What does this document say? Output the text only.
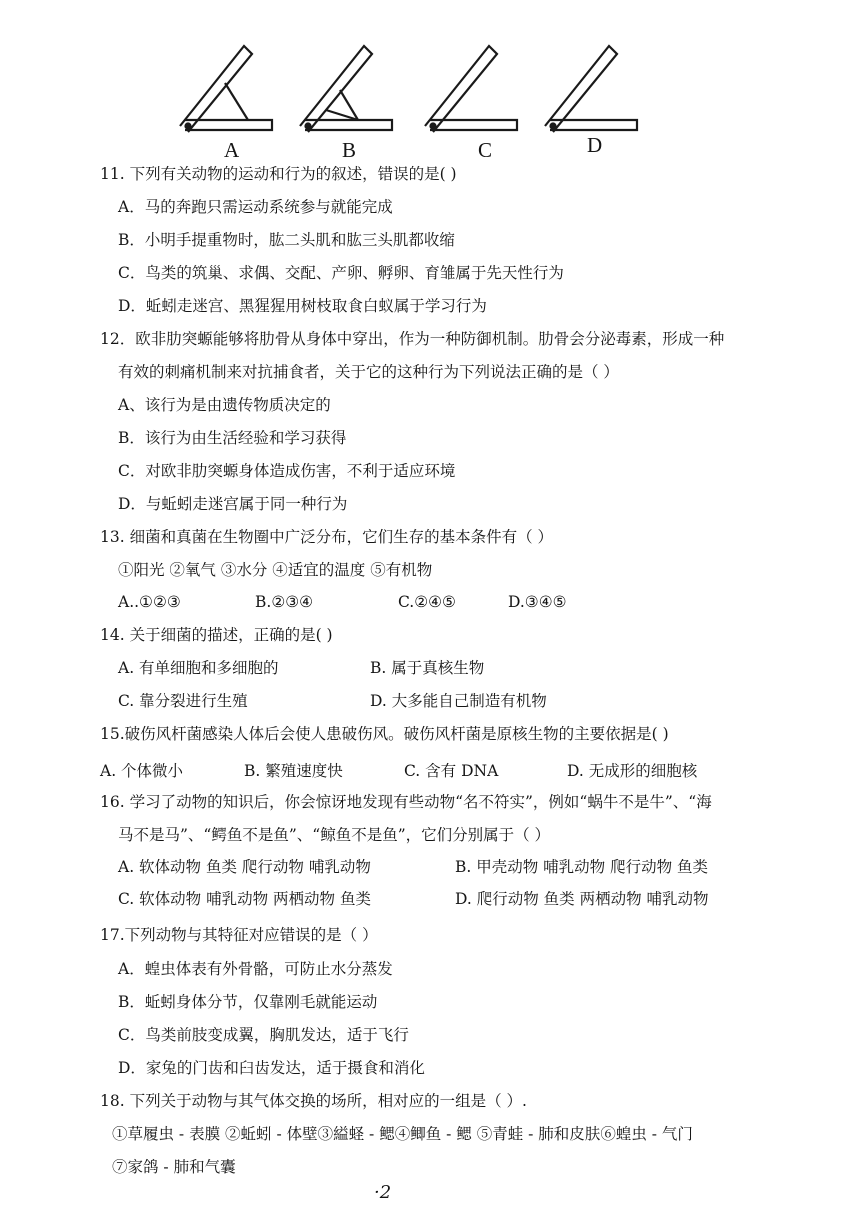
A	B	C	D
11. 下列有关动物的运动和行为的叙述，错误的是( )
A．马的奔跑只需运动系统参与就能完成
B．小明手提重物时，肱二头肌和肱三头肌都收缩
C．鸟类的筑巢、求偶、交配、产卵、孵卵、育雏属于先天性行为
D．蚯蚓走迷宫、黑猩猩用树枝取食白蚁属于学习行为
12．欧非肋突螈能够将肋骨从身体中穿出，作为一种防御机制。肋骨会分泌毒素，形成一种
有效的刺痛机制来对抗捕食者，关于它的这种行为下列说法正确的是（ ）
A、该行为是由遗传物质决定的
B．该行为由生活经验和学习获得
C．对欧非肋突螈身体造成伤害，不利于适应环境
D．与蚯蚓走迷宫属于同一种行为
13. 细菌和真菌在生物圈中广泛分布，它们生存的基本条件有（ ）
①阳光 ②氧气 ③水分 ④适宜的温度 ⑤有机物
A..①②③	B.②③④	C.②④⑤	D.③④⑤
14. 关于细菌的描述，正确的是( )
A. 有单细胞和多细胞的	B. 属于真核生物
C. 靠分裂进行生殖	D. 大多能自己制造有机物
15.破伤风杆菌感染人体后会使人患破伤风。破伤风杆菌是原核生物的主要依据是( )
A. 个体微小	B. 繁殖速度快	C. 含有 DNA	D. 无成形的细胞核
16. 学习了动物的知识后，你会惊讶地发现有些动物“名不符实”，例如“蜗牛不是牛”、“海
马不是马”、“鳄鱼不是鱼”、“鲸鱼不是鱼”，它们分别属于（ ）
A. 软体动物 鱼类 爬行动物 哺乳动物	B. 甲壳动物 哺乳动物 爬行动物 鱼类
C. 软体动物 哺乳动物 两栖动物 鱼类	D. 爬行动物 鱼类 两栖动物 哺乳动物
17.下列动物与其特征对应错误的是（ ）
A．蝗虫体表有外骨骼，可防止水分蒸发
B．蚯蚓身体分节，仅靠刚毛就能运动
C．鸟类前肢变成翼，胸肌发达，适于飞行
D．家兔的门齿和臼齿发达，适于摄食和消化
18. 下列关于动物与其气体交换的场所，相对应的一组是（ ）.
①草履虫 - 表膜 ②蚯蚓 - 体壁③縊蛏 - 鳃④鲫鱼 - 鳃 ⑤青蛙 - 肺和皮肤⑥蝗虫 - 气门
⑦家鸽 - 肺和气囊
·2
